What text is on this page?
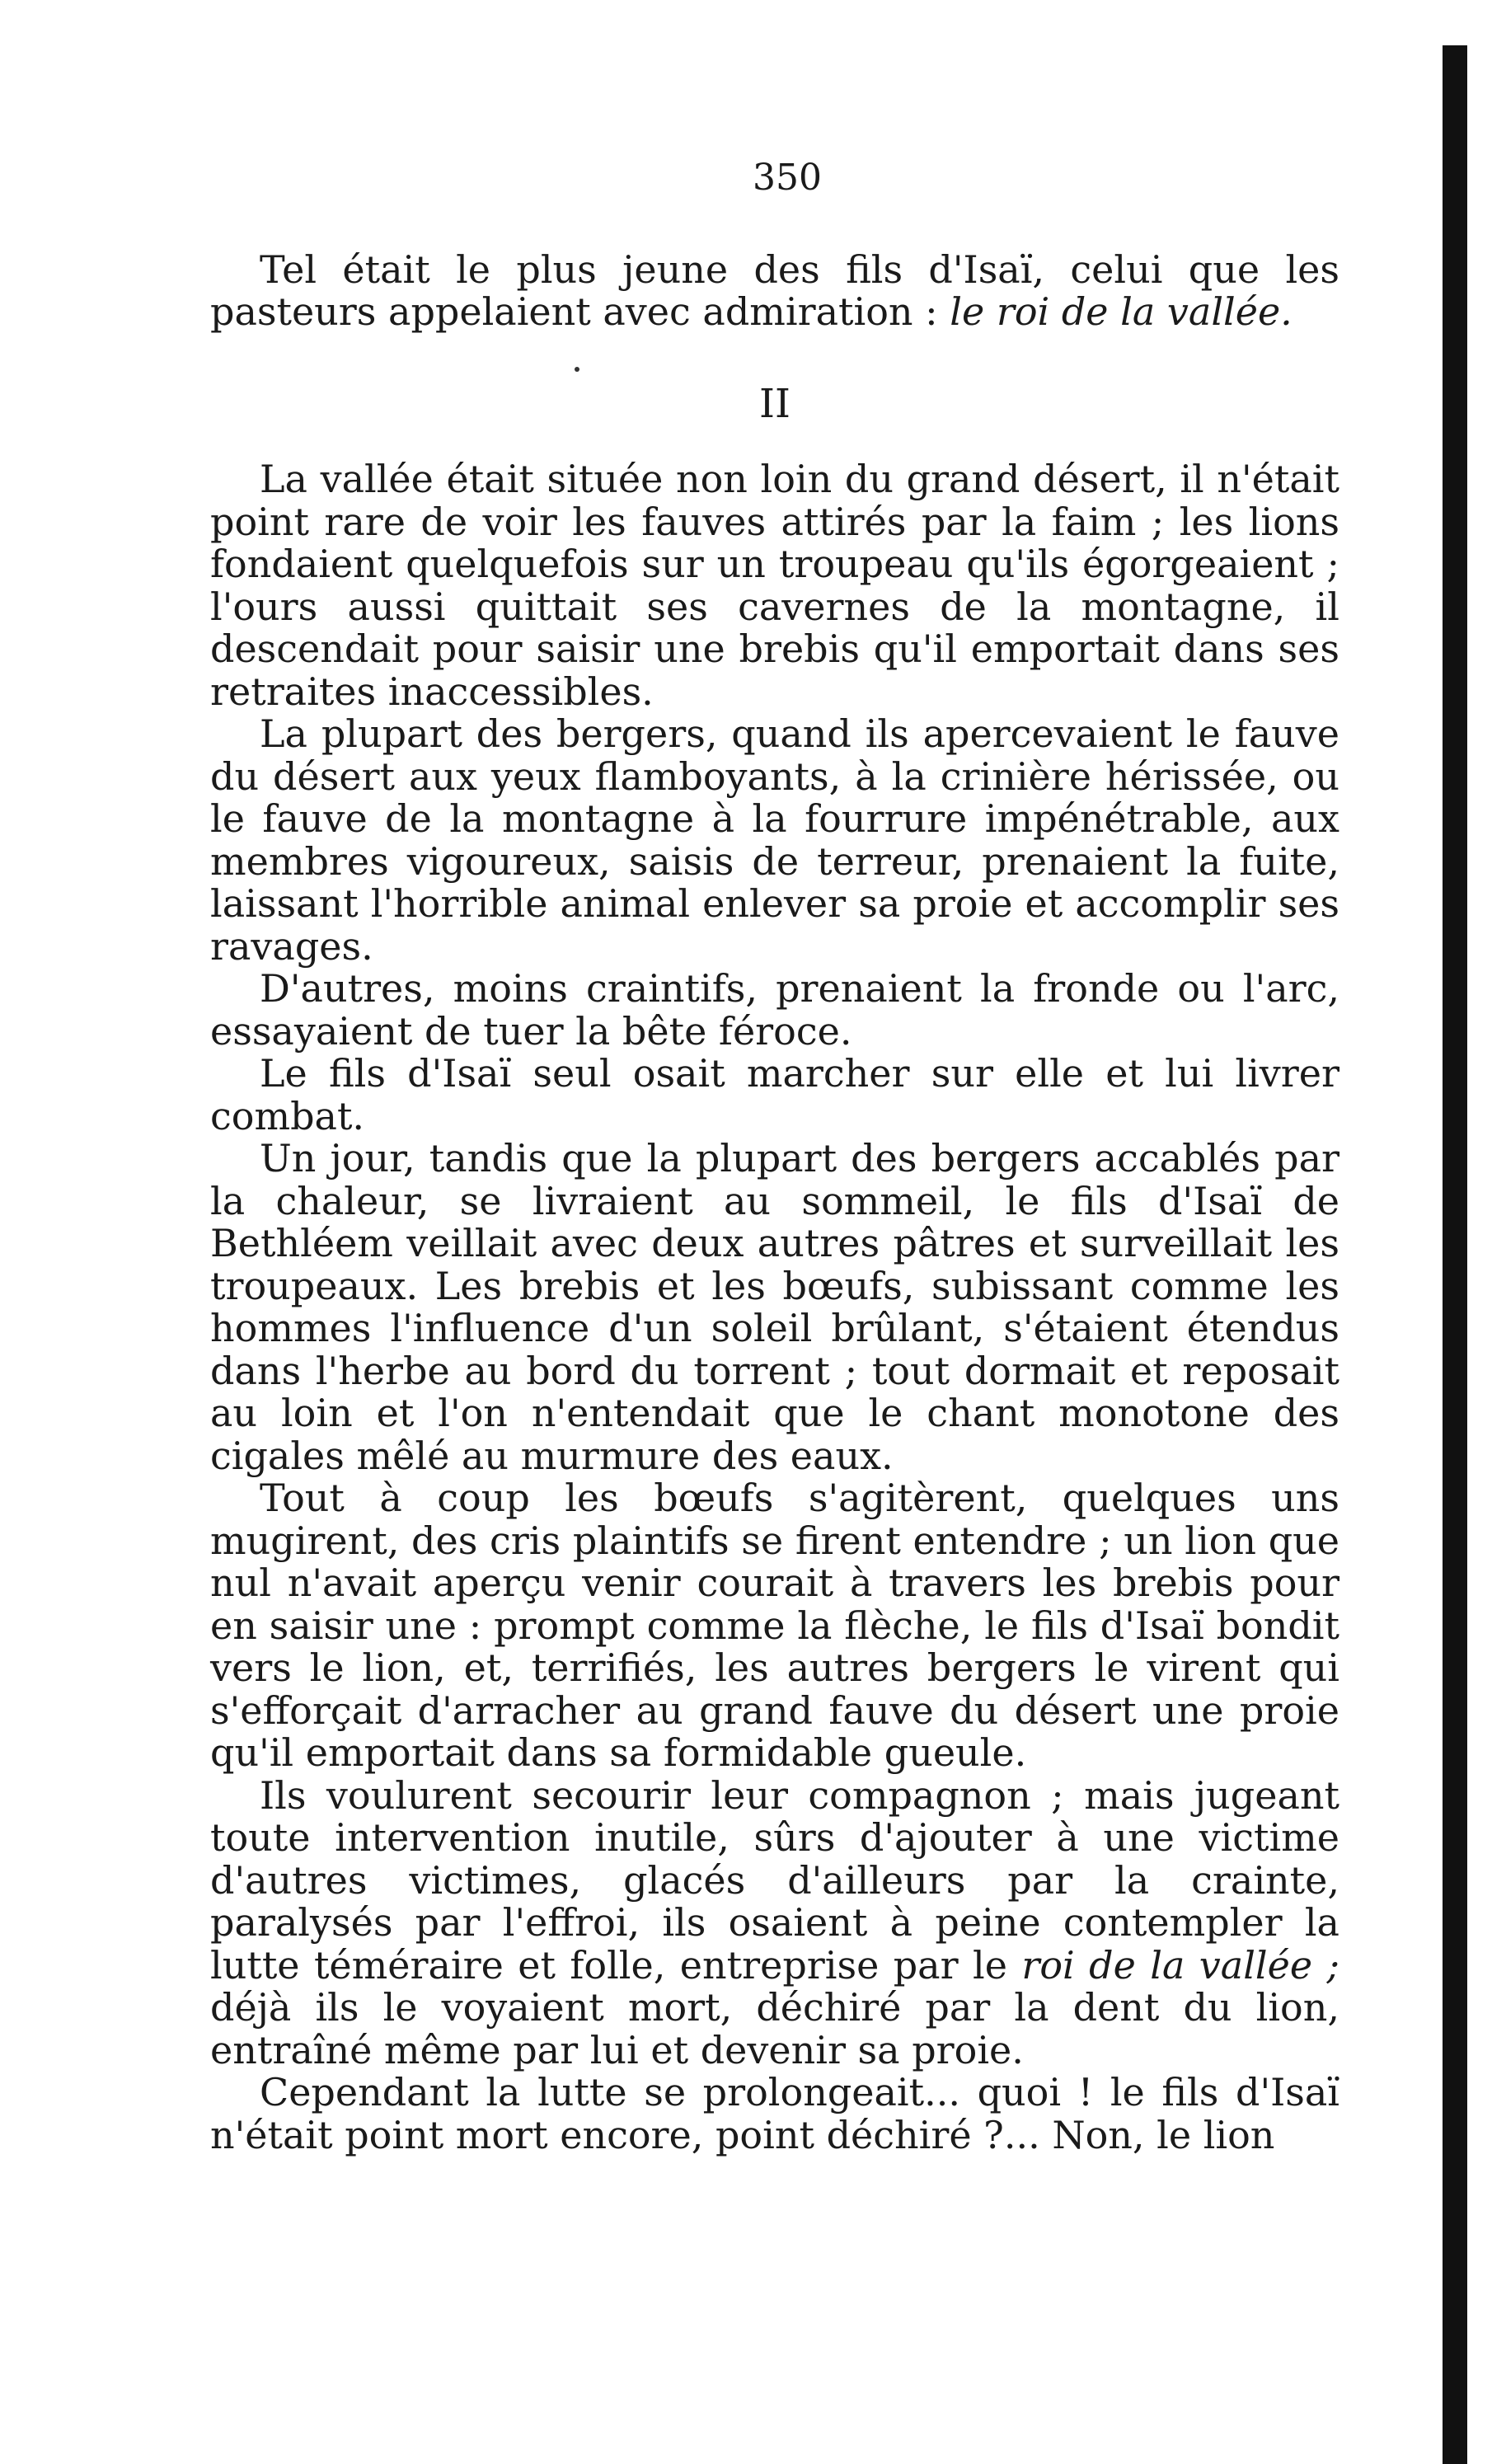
350

Tel était le plus jeune des fils d'Isaï, celui que les pasteurs appelaient avec admiration : le roi de la vallée.

II

La vallée était située non loin du grand désert, il n'était point rare de voir les fauves attirés par la faim ; les lions fondaient quelquefois sur un troupeau qu'ils égorgeaient ; l'ours aussi quittait ses cavernes de la montagne, il descendait pour saisir une brebis qu'il emportait dans ses retraites inaccessibles.

La plupart des bergers, quand ils apercevaient le fauve du désert aux yeux flamboyants, à la crinière hérissée, ou le fauve de la montagne à la fourrure impénétrable, aux membres vigoureux, saisis de terreur, prenaient la fuite, laissant l'horrible animal enlever sa proie et accomplir ses ravages.

D'autres, moins craintifs, prenaient la fronde ou l'arc, essayaient de tuer la bête féroce.

Le fils d'Isaï seul osait marcher sur elle et lui livrer combat.

Un jour, tandis que la plupart des bergers accablés par la chaleur, se livraient au sommeil, le fils d'Isaï de Bethléem veillait avec deux autres pâtres et surveillait les troupeaux. Les brebis et les bœufs, subissant comme les hommes l'influence d'un soleil brûlant, s'étaient étendus dans l'herbe au bord du torrent ; tout dormait et reposait au loin et l'on n'entendait que le chant monotone des cigales mêlé au murmure des eaux.

Tout à coup les bœufs s'agitèrent, quelques uns mugirent, des cris plaintifs se firent entendre ; un lion que nul n'avait aperçu venir courait à travers les brebis pour en saisir une : prompt comme la flèche, le fils d'Isaï bondit vers le lion, et, terrifiés, les autres bergers le virent qui s'efforçait d'arracher au grand fauve du désert une proie qu'il emportait dans sa formidable gueule.

Ils voulurent secourir leur compagnon ; mais jugeant toute intervention inutile, sûrs d'ajouter à une victime d'autres victimes, glacés d'ailleurs par la crainte, paralysés par l'effroi, ils osaient à peine contempler la lutte téméraire et folle, entreprise par le roi de la vallée ; déjà ils le voyaient mort, déchiré par la dent du lion, entraîné même par lui et devenir sa proie.

Cependant la lutte se prolongeait... quoi ! le fils d'Isaï n'était point mort encore, point déchiré ?... Non, le lion
